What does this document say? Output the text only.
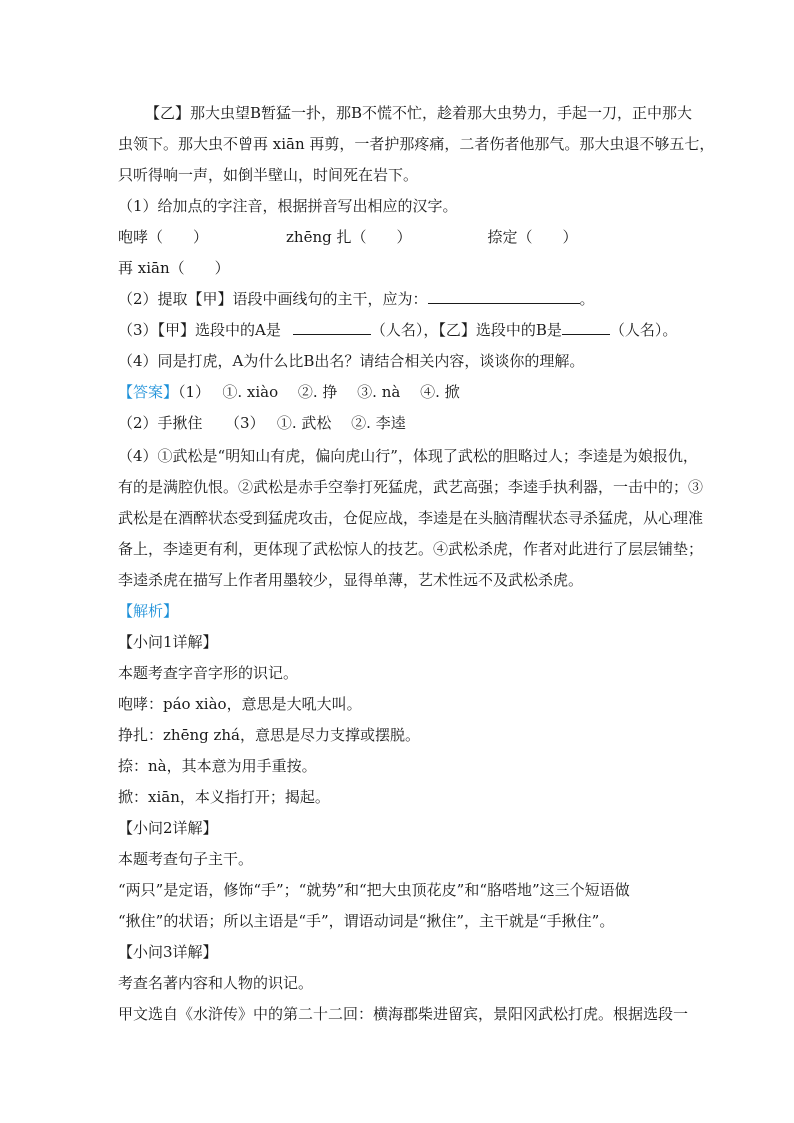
【乙】那大虫望B暂猛一扑，那B不慌不忙，趁着那大虫势力，手起一刀，正中那大
虫领下。那大虫不曾再 xiān 再剪，一者护那疼痛，二者伤者他那气。那大虫退不够五七，
只听得响一声，如倒半壁山，时间死在岩下。
（1）给加点的字注音，根据拼音写出相应的汉字。
咆哮（　　）	zhēng 扎（　　）	捺定（　　）
再 xiān（　　）
（2）提取【甲】语段中画线句的主干，应为：	。
（3）【甲】选段中的A是	（人名），【乙】选段中的B是	（人名）。
（4）同是打虎，A为什么比B出名？请结合相关内容，谈谈你的理解。
【答案】（1）　 ①. xiào　 ②. 挣　 ③. nà　 ④. 掀
（2）手揪住　　（3）　 ①. 武松　 ②. 李逵
（4）①武松是“明知山有虎，偏向虎山行”，体现了武松的胆略过人；李逵是为娘报仇，
有的是满腔仇恨。②武松是赤手空拳打死猛虎，武艺高强；李逵手执利器，一击中的；③
武松是在酒醉状态受到猛虎攻击，仓促应战，李逵是在头脑清醒状态寻杀猛虎，从心理准
备上，李逵更有利，更体现了武松惊人的技艺。④武松杀虎，作者对此进行了层层铺垫；
李逵杀虎在描写上作者用墨较少，显得单薄，艺术性远不及武松杀虎。
【解析】
【小问1详解】
本题考查字音字形的识记。
咆哮：páo xiào，意思是大吼大叫。
挣扎：zhēng zhá，意思是尽力支撑或摆脱。
捺：nà，其本意为用手重按。
掀：xiān，本义指打开；揭起。
【小问2详解】
本题考查句子主干。
“两只”是定语，修饰“手”；“就势”和“把大虫顶花皮”和“胳嗒地”这三个短语做
“揪住”的状语；所以主语是“手”，谓语动词是“揪住”，主干就是“手揪住”。
【小问3详解】
考查名著内容和人物的识记。
甲文选自《水浒传》中的第二十二回：横海郡柴进留宾，景阳冈武松打虎。根据选段一
